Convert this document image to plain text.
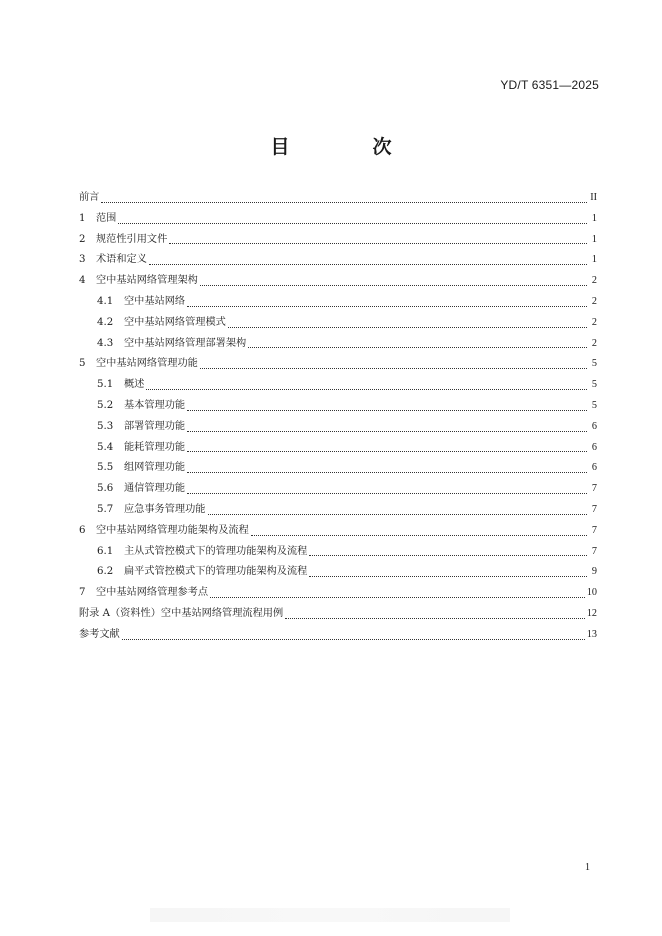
YD/T 6351—2025
目　次
前言	II
1	范围	1
2	规范性引用文件	1
3	术语和定义	1
4	空中基站网络管理架构	2
4.1	空中基站网络	2
4.2	空中基站网络管理模式	2
4.3	空中基站网络管理部署架构	2
5	空中基站网络管理功能	5
5.1	概述	5
5.2	基本管理功能	5
5.3	部署管理功能	6
5.4	能耗管理功能	6
5.5	组网管理功能	6
5.6	通信管理功能	7
5.7	应急事务管理功能	7
6	空中基站网络管理功能架构及流程	7
6.1	主从式管控模式下的管理功能架构及流程	7
6.2	扁平式管控模式下的管理功能架构及流程	9
7	空中基站网络管理参考点	10
附录 A（资料性）空中基站网络管理流程用例	12
参考文献	13
1
